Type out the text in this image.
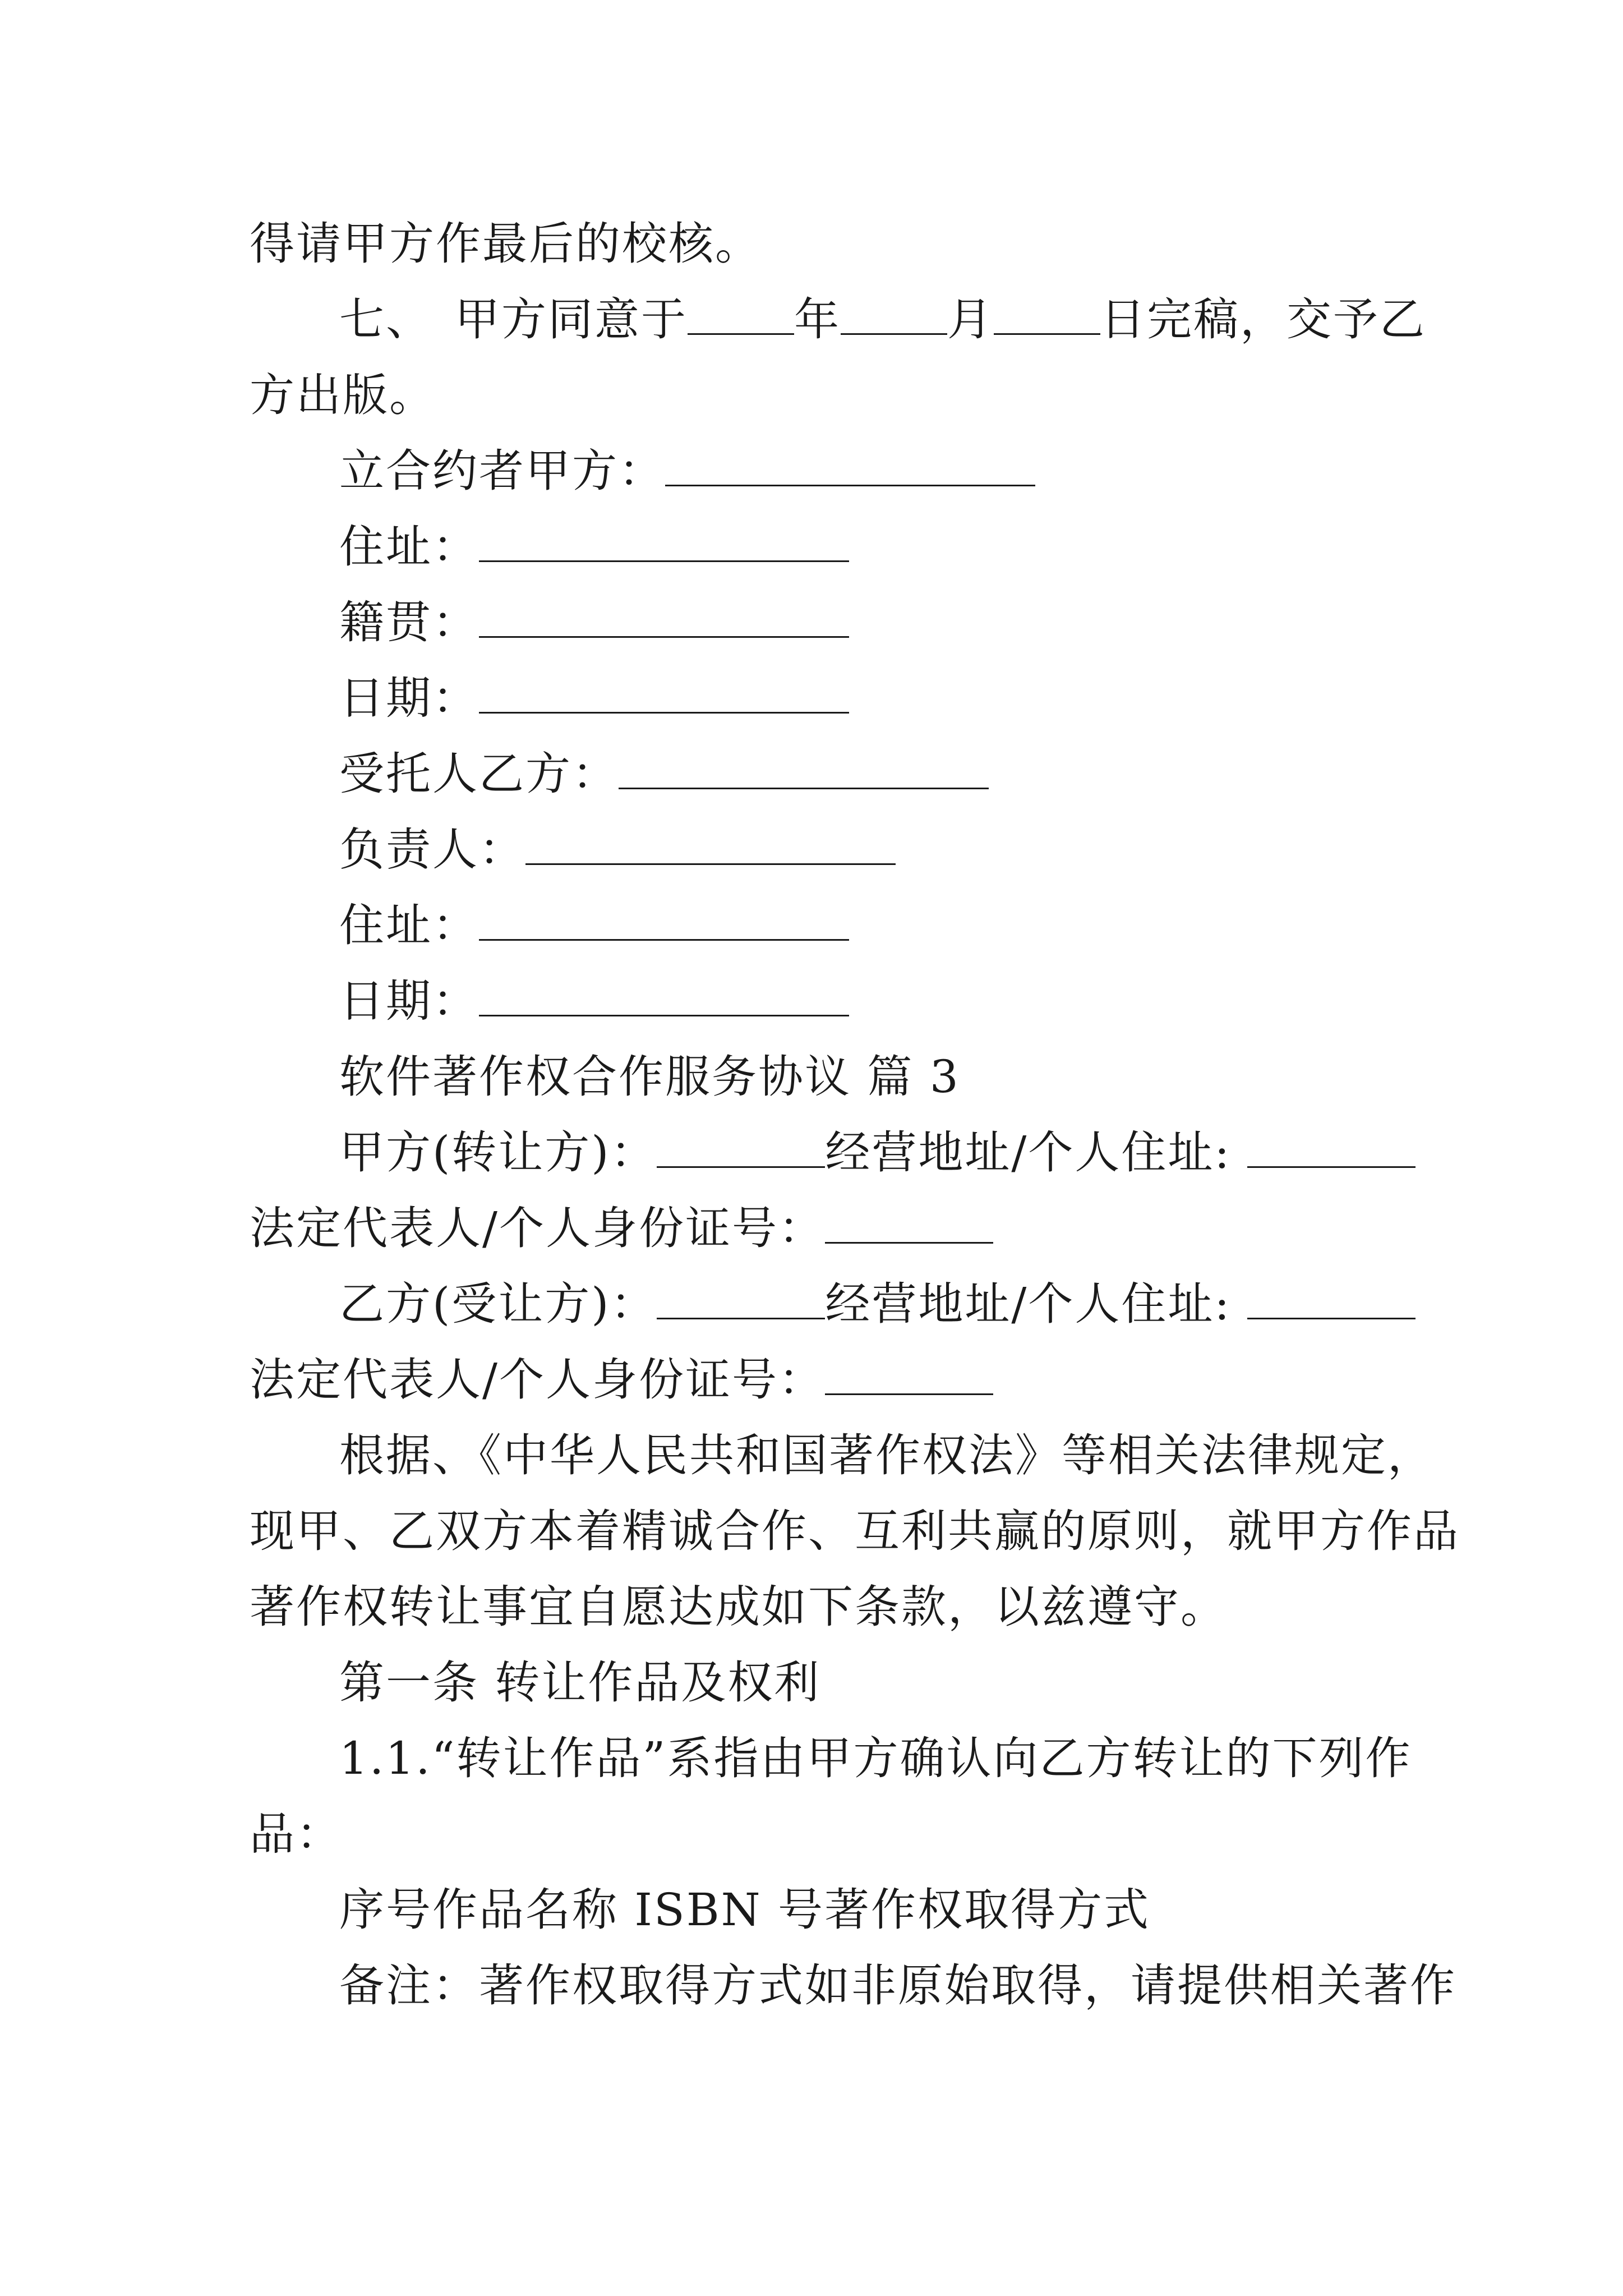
得请甲方作最后的校核。
七、 甲方同意于 年 月 日完稿，交予乙
方出版。
立合约者甲方：
住址：
籍贯：
日期：
受托人乙方：
负责人：
住址：
日期：
软件著作权合作服务协议 篇 3
甲方(转让方)：	经营地址/个人住址:
法定代表人/个人身份证号：
乙方(受让方)：	经营地址/个人住址:
法定代表人/个人身份证号：
根据、《中华人民共和国著作权法》等相关法律规定，
现甲、乙双方本着精诚合作、互利共赢的原则，就甲方作品
著作权转让事宜自愿达成如下条款，以兹遵守。
第一条 转让作品及权利
1.1.“转让作品”系指由甲方确认向乙方转让的下列作
品：
序号作品名称 ISBN 号著作权取得方式
备注：著作权取得方式如非原始取得，请提供相关著作
